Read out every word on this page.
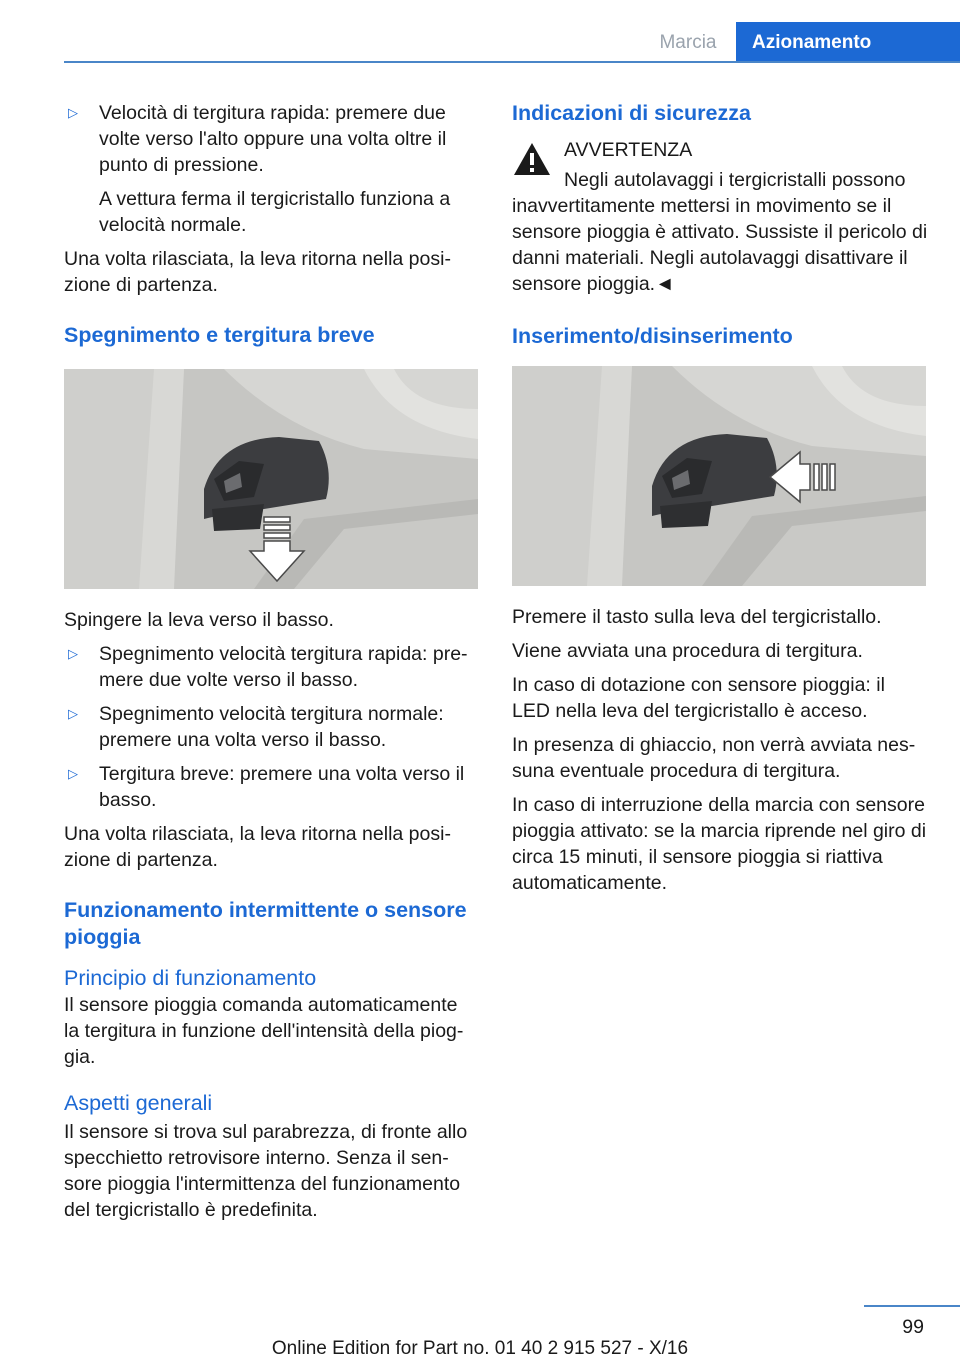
Marcia	Azionamento
▷ Velocità di tergitura rapida: premere due volte verso l'alto oppure una volta oltre il punto di pressione.
A vettura ferma il tergicristallo funziona a velocità normale.

Una volta rilasciata, la leva ritorna nella posizione di partenza.

Spegnimento e tergitura breve

Spingere la leva verso il basso.

▷ Spegnimento velocità tergitura rapida: premere due volte verso il basso.
▷ Spegnimento velocità tergitura normale: premere una volta verso il basso.
▷ Tergitura breve: premere una volta verso il basso.

Una volta rilasciata, la leva ritorna nella posizione di partenza.

Funzionamento intermittente o sensore pioggia
Principio di funzionamento

Il sensore pioggia comanda automaticamente la tergitura in funzione dell'intensità della pioggia.

Aspetti generali

Il sensore si trova sul parabrezza, di fronte allo specchietto retrovisore interno. Senza il sensore pioggia l'intermittenza del funzionamento del tergicristallo è predefinita.

Indicazioni di sicurezza
AVVERTENZA
Negli autolavaggi i tergicristalli possono inavvertitamente mettersi in movimento se il sensore pioggia è attivato. Sussiste il pericolo di danni materiali. Negli autolavaggi disattivare il sensore pioggia.◄
Inserimento/disinserimento

Premere il tasto sulla leva del tergicristallo.

Viene avviata una procedura di tergitura.

In caso di dotazione con sensore pioggia: il LED nella leva del tergicristallo è acceso.

In presenza di ghiaccio, non verrà avviata nessuna eventuale procedura di tergitura.

In caso di interruzione della marcia con sensore pioggia attivato: se la marcia riprende nel giro di circa 15 minuti, il sensore pioggia si riattiva automaticamente.

99
Online Edition for Part no. 01 40 2 915 527 - X/16
